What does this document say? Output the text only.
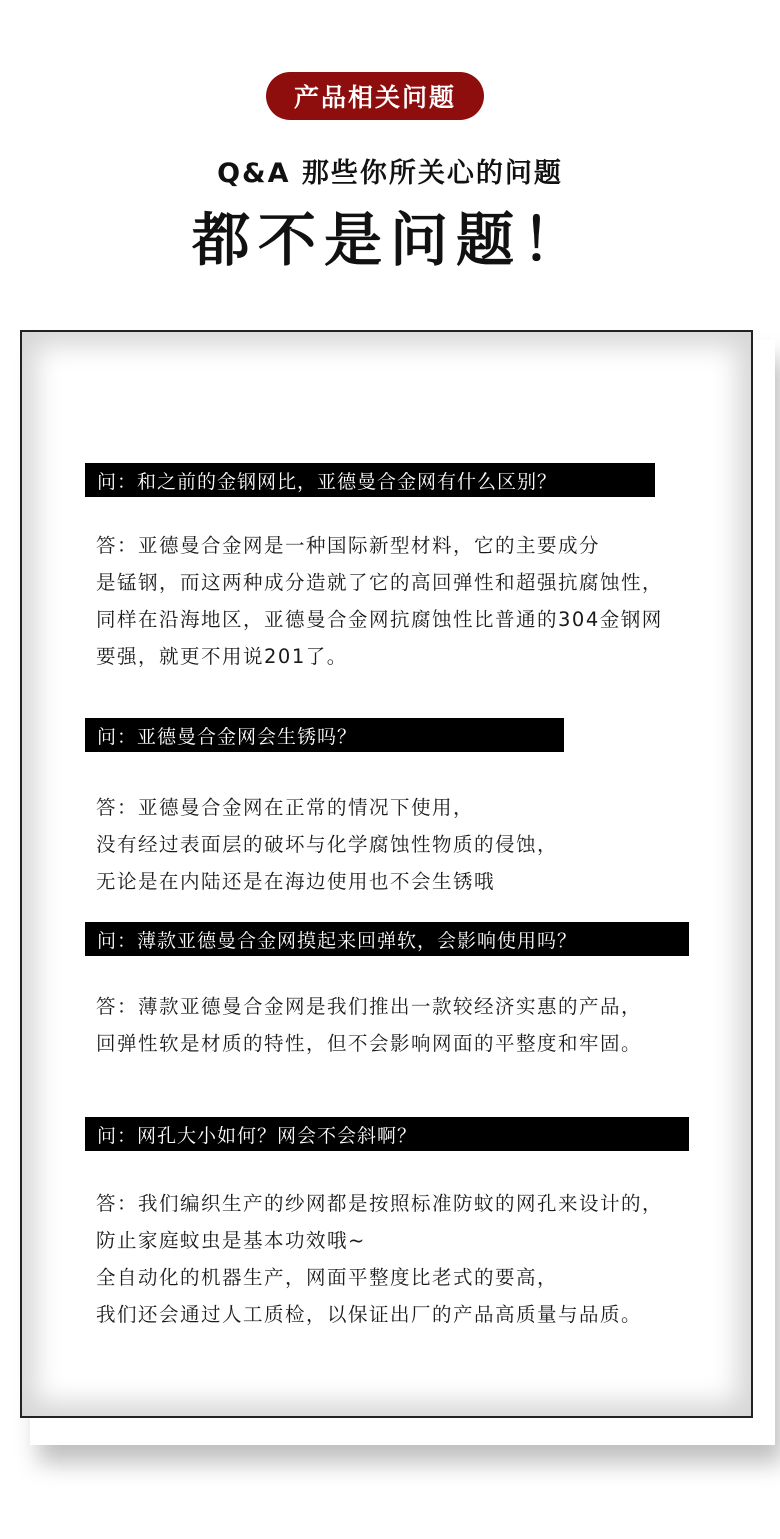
产品相关问题
Q&A 那些你所关心的问题
都不是问题！
问：和之前的金钢网比，亚德曼合金网有什么区别？
答：亚德曼合金网是一种国际新型材料，它的主要成分
是锰钢，而这两种成分造就了它的高回弹性和超强抗腐蚀性，
同样在沿海地区，亚德曼合金网抗腐蚀性比普通的304金钢网
要强，就更不用说201了。
问：亚德曼合金网会生锈吗？
答：亚德曼合金网在正常的情况下使用，
没有经过表面层的破坏与化学腐蚀性物质的侵蚀，
无论是在内陆还是在海边使用也不会生锈哦
问：薄款亚德曼合金网摸起来回弹软，会影响使用吗？
答：薄款亚德曼合金网是我们推出一款较经济实惠的产品，
回弹性软是材质的特性，但不会影响网面的平整度和牢固。
问：网孔大小如何？网会不会斜啊？
答：我们编织生产的纱网都是按照标准防蚊的网孔来设计的，
防止家庭蚊虫是基本功效哦~
全自动化的机器生产，网面平整度比老式的要高，
我们还会通过人工质检，以保证出厂的产品高质量与品质。
